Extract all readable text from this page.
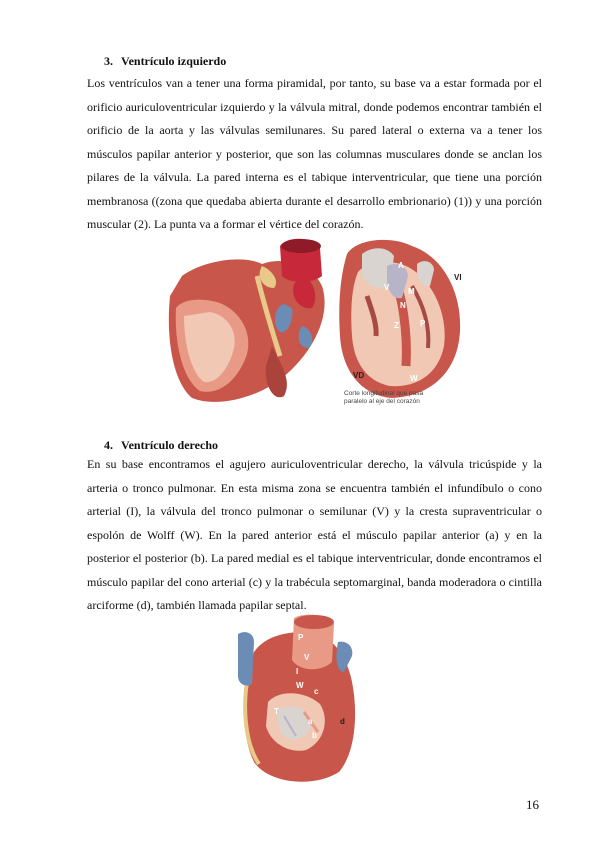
3. Ventrículo izquierdo

Los ventrículos van a tener una forma piramidal, por tanto, su base va a estar formada por el orificio auriculoventricular izquierdo y la válvula mitral, donde podemos encontrar también el orificio de la aorta y las válvulas semilunares. Su pared lateral o externa va a tener los músculos papilar anterior y posterior, que son las columnas musculares donde se anclan los pilares de la válvula. La pared interna es el tabique interventricular, que tiene una porción membranosa ((zona que quedaba abierta durante el desarrollo embrionario) (1)) y una porción muscular (2). La punta va a formar el vértice del corazón.

VI
VD
A
M
N
V
Z	P
W
Corte longitudinal que pasa
paralelo al eje del corazón
4. Ventrículo derecho

En su base encontramos el agujero auriculoventricular derecho, la válvula tricúspide y la arteria o tronco pulmonar. En esta misma zona se encuentra también el infundíbulo o cono arterial (I), la válvula del tronco pulmonar o semilunar (V) y la cresta supraventricular o espolón de Wolff (W). En la pared anterior está el músculo papilar anterior (a) y en la posterior el posterior (b). La pared medial es el tabique interventricular, donde encontramos el músculo papilar del cono arterial (c) y la trabécula septomarginal, banda moderadora o cintilla arciforme (d), también llamada papilar septal.

P
V
I
W
c
T
a	d
b
16
